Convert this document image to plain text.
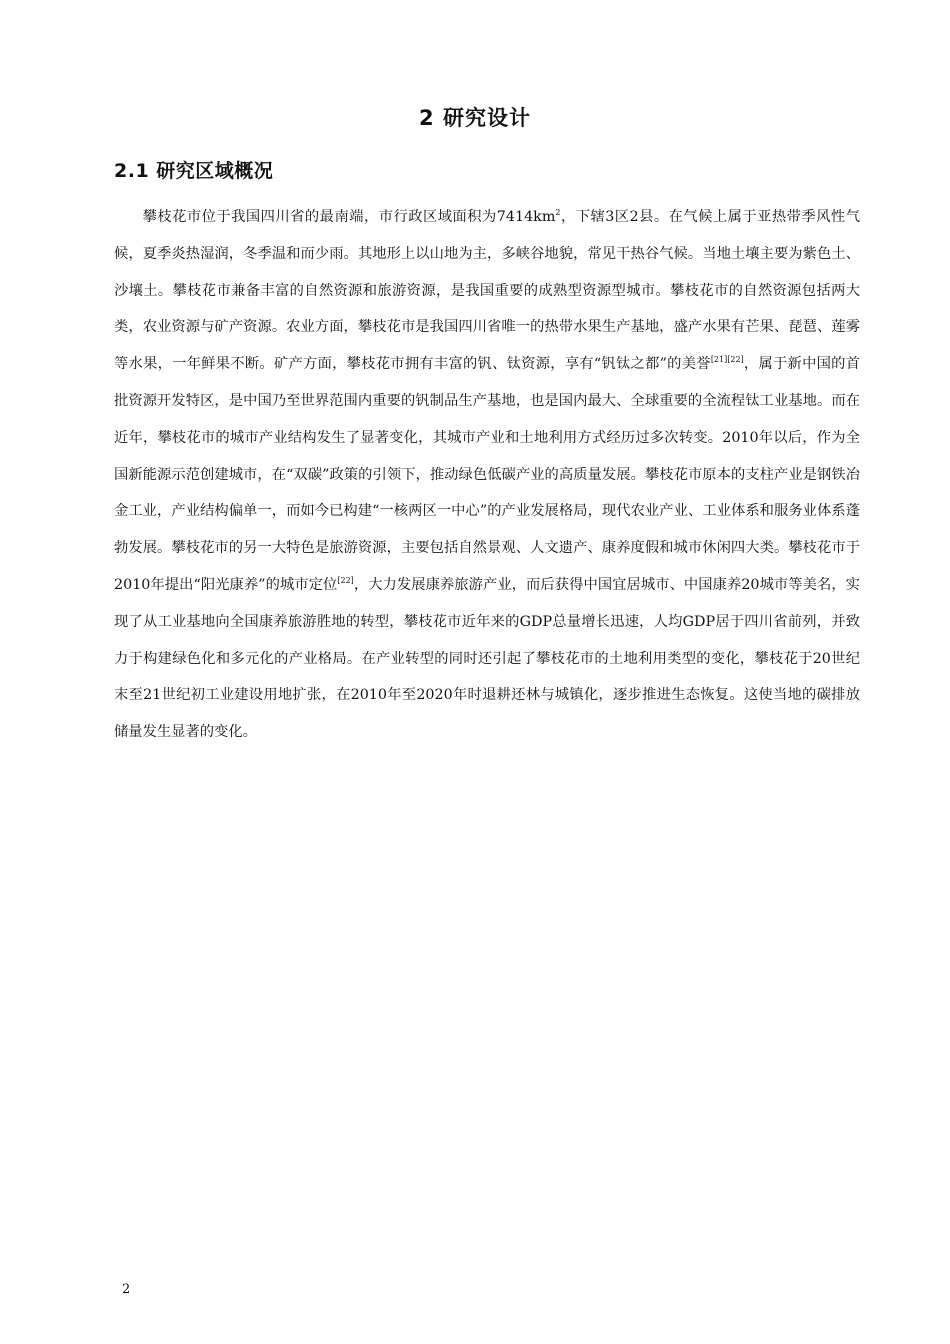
2 研究设计
2.1 研究区域概况

攀枝花市位于我国四川省的最南端，市行政区域面积为$7414km^2$，下辖3区2县。在气候上属于亚热带季风性气候，夏季炎热湿润，冬季温和而少雨。其地形上以山地为主，多峡谷地貌，常见干热谷气候。当地土壤主要为紫色土、沙壤土。攀枝花市兼备丰富的自然资源和旅游资源，是我国重要的成熟型资源型城市。攀枝花市的自然资源包括两大类，农业资源与矿产资源。农业方面，攀枝花市是我国四川省唯一的热带水果生产基地，盛产水果有芒果、琵琶、莲雾等水果，一年鲜果不断。矿产方面，攀枝花市拥有丰富的钒、钛资源，享有“钒钛之都”的美誉[21][22]，属于新中国的首批资源开发特区，是中国乃至世界范围内重要的钒制品生产基地，也是国内最大、全球重要的全流程钛工业基地。而在近年，攀枝花市的城市产业结构发生了显著变化，其城市产业和土地利用方式经历过多次转变。2010年以后，作为全国新能源示范创建城市，在“双碳”政策的引领下，推动绿色低碳产业的高质量发展。攀枝花市原本的支柱产业是钢铁冶金工业，产业结构偏单一，而如今已构建“一核两区一中心”的产业发展格局，现代农业产业、工业体系和服务业体系蓬勃发展。攀枝花市的另一大特色是旅游资源，主要包括自然景观、人文遗产、康养度假和城市休闲四大类。攀枝花市于2010年提出“阳光康养”的城市定位[22]，大力发展康养旅游产业，而后获得中国宜居城市、中国康养20城市等美名，实现了从工业基地向全国康养旅游胜地的转型，攀枝花市近年来的GDP总量增长迅速，人均GDP居于四川省前列，并致力于构建绿色化和多元化的产业格局。在产业转型的同时还引起了攀枝花市的土地利用类型的变化，攀枝花于20世纪末至21世纪初工业建设用地扩张，在2010年至2020年时退耕还林与城镇化，逐步推进生态恢复。这使当地的碳排放储量发生显著的变化。

2
